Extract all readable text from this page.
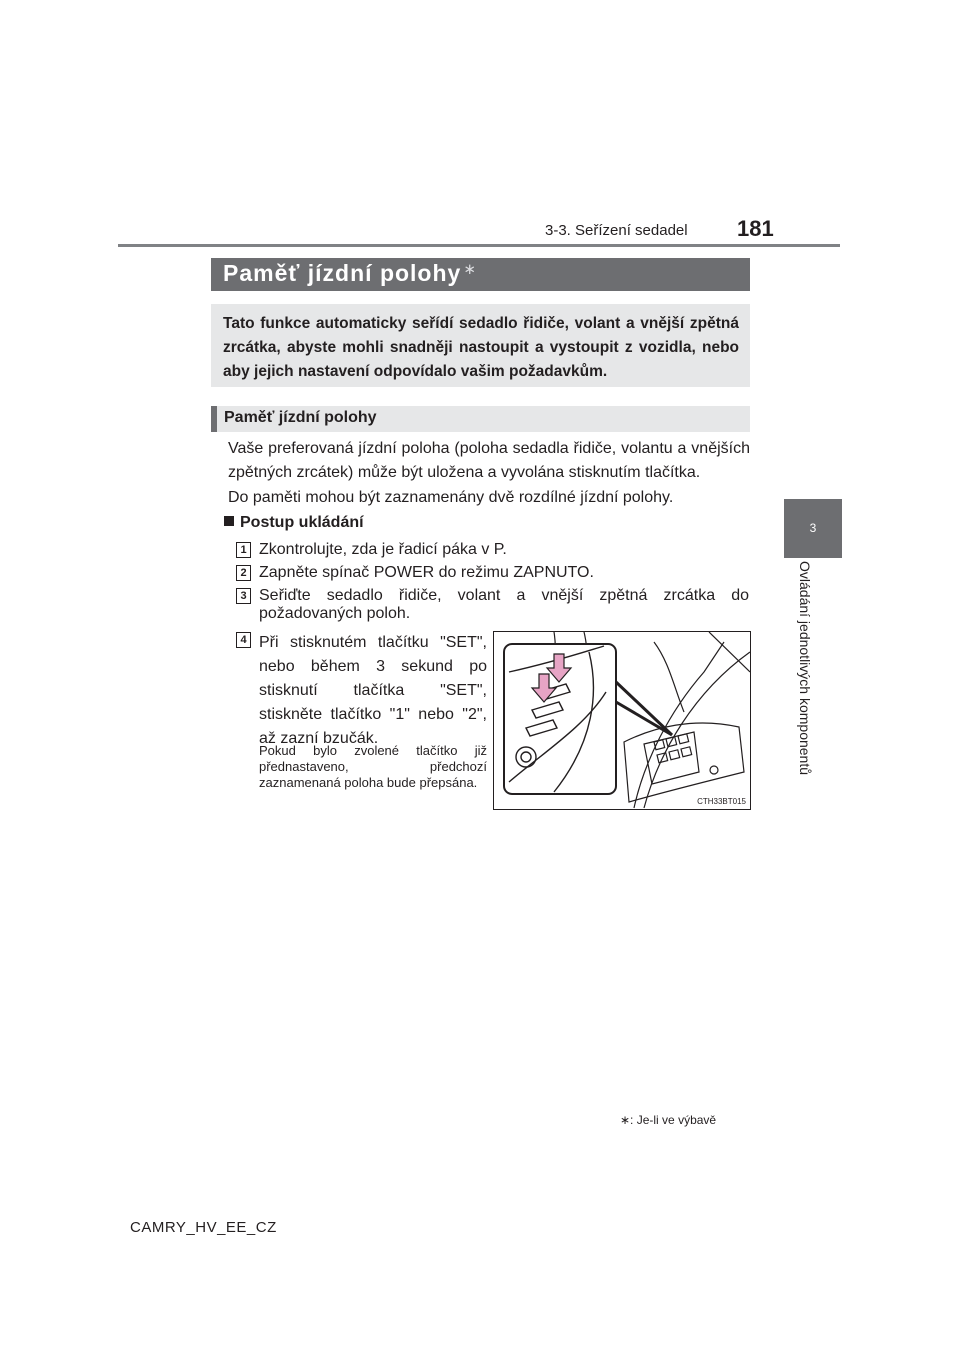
3-3. Seřízení sedadel 181
3
Ovládání jednotlivých komponentů
Paměť jízdní polohy ∗
Tato funkce automaticky seřídí sedadlo řidiče, volant a vnější zpětná zrcátka, abyste mohli snadněji nastoupit a vystoupit z vozidla, nebo aby jejich nastavení odpovídalo vašim požadavkům.
Paměť jízdní polohy
Vaše preferovaná jízdní poloha (poloha sedadla řidiče, volantu a vnějších zpětných zrcátek) může být uložena a vyvolána stisknutím tlačítka.
Do paměti mohou být zaznamenány dvě rozdílné jízdní polohy.
Postup ukládání
1 Zkontrolujte, zda je řadicí páka v P.
2 Zapněte spínač POWER do režimu ZAPNUTO.
3 Seřiďte sedadlo řidiče, volant a vnější zpětná zrcátka do požadovaných poloh.
4 Při stisknutém tlačítku "SET", nebo během 3 sekund po stisknutí tlačítka "SET", stiskněte tlačítko "1" nebo "2", až zazní bzučák.
Pokud bylo zvolené tlačítko již přednastaveno, předchozí zaznamenaná poloha bude přepsána.
CTH33BT015
∗: Je-li ve výbavě
CAMRY_HV_EE_CZ
